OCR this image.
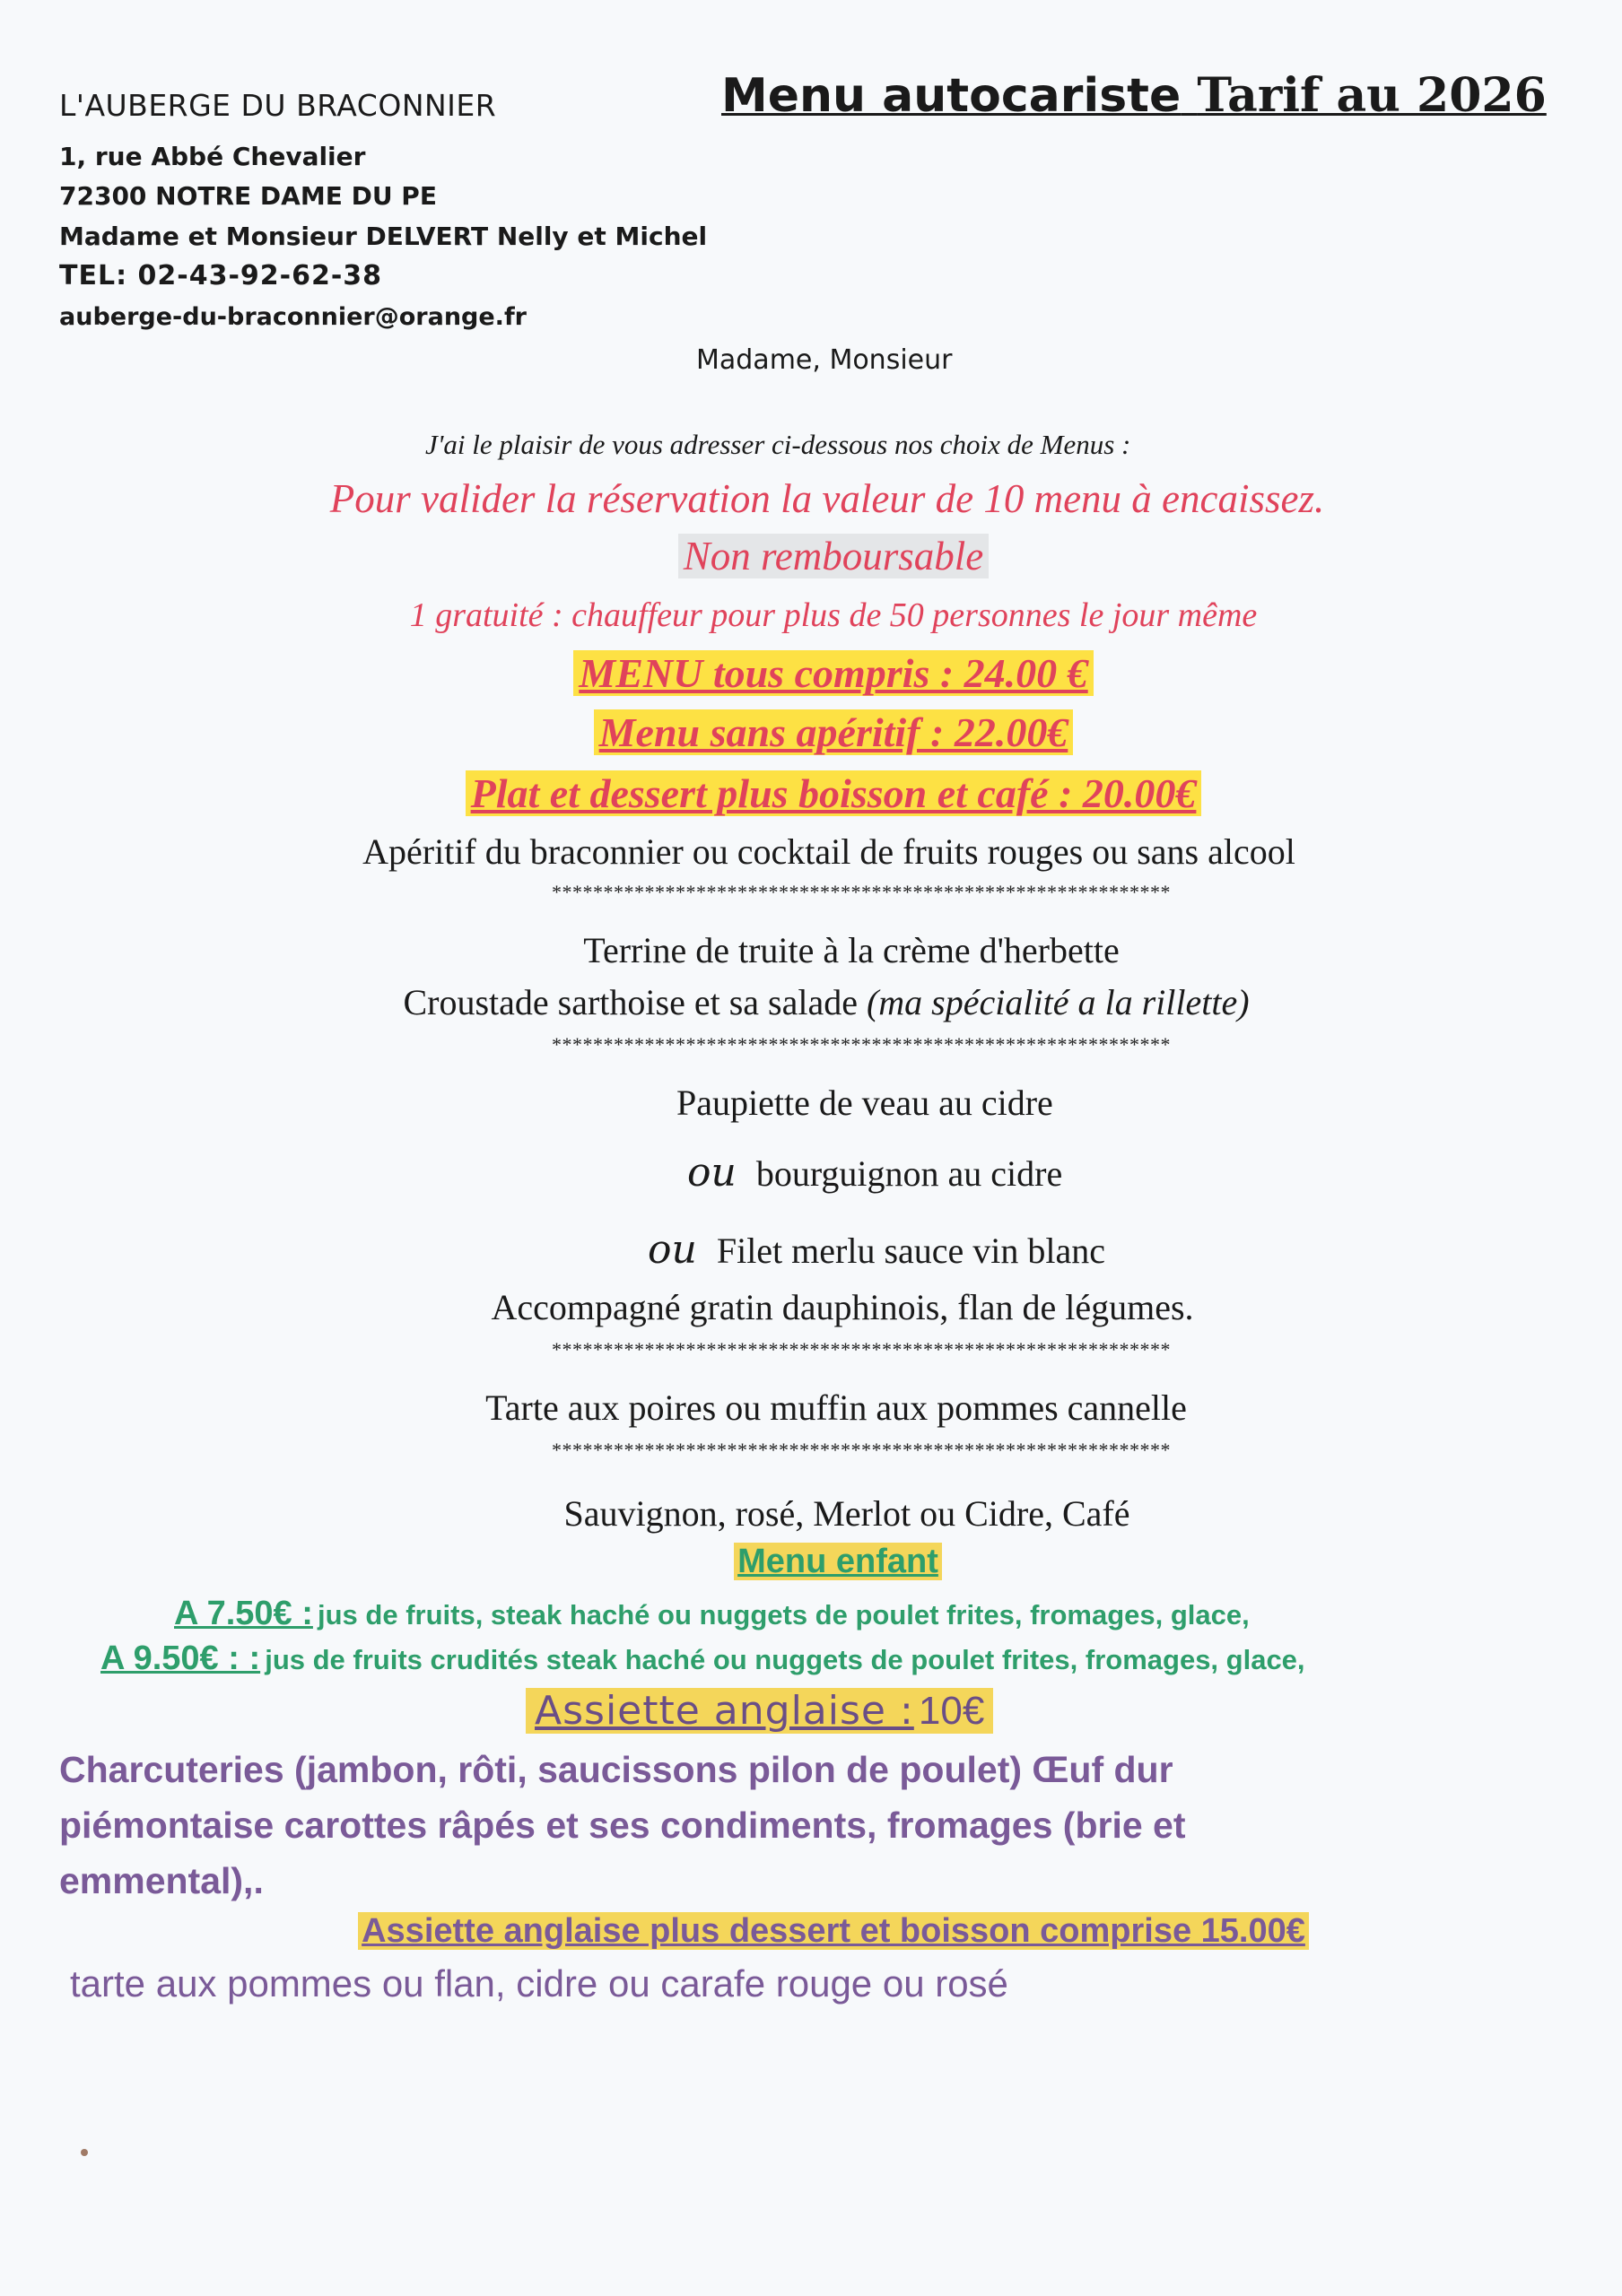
L'AUBERGE DU BRACONNIER
1, rue Abbé Chevalier
72300 NOTRE DAME DU PE
Madame et Monsieur DELVERT Nelly et Michel
TEL: 02-43-92-62-38
auberge-du-braconnier@orange.fr
Menu autocariste Tarif au 2026
Madame, Monsieur
J'ai le plaisir de vous adresser ci-dessous nos choix de Menus :
Pour valider la réservation la valeur de 10 menu à encaissez.
Non remboursable
1 gratuité : chauffeur pour plus de 50 personnes le jour même
MENU tous compris : 24.00 €
Menu sans apéritif : 22.00€
Plat et dessert plus boisson et café : 20.00€
Apéritif du braconnier ou cocktail de fruits rouges ou sans alcool
************************************************************
Terrine de truite à la crème d'herbette
Croustade sarthoise et sa salade (ma spécialité a la rillette)
************************************************************
Paupiette de veau au cidre
ou bourguignon au cidre
ou Filet merlu sauce vin blanc
Accompagné gratin dauphinois, flan de légumes.
************************************************************
Tarte aux poires ou muffin aux pommes cannelle
************************************************************
Sauvignon, rosé, Merlot ou Cidre, Café
Menu enfant
A 7.50€ : jus de fruits, steak haché ou nuggets de poulet frites, fromages, glace,
A 9.50€ : : jus de fruits crudités steak haché ou nuggets de poulet frites, fromages, glace,
Assiette anglaise : 10€
Charcuteries (jambon, rôti, saucissons pilon de poulet) Œuf dur
piémontaise carottes râpés et ses condiments, fromages (brie et
emmental),.
Assiette anglaise plus dessert et boisson comprise 15.00€
tarte aux pommes ou flan, cidre ou carafe rouge ou rosé
